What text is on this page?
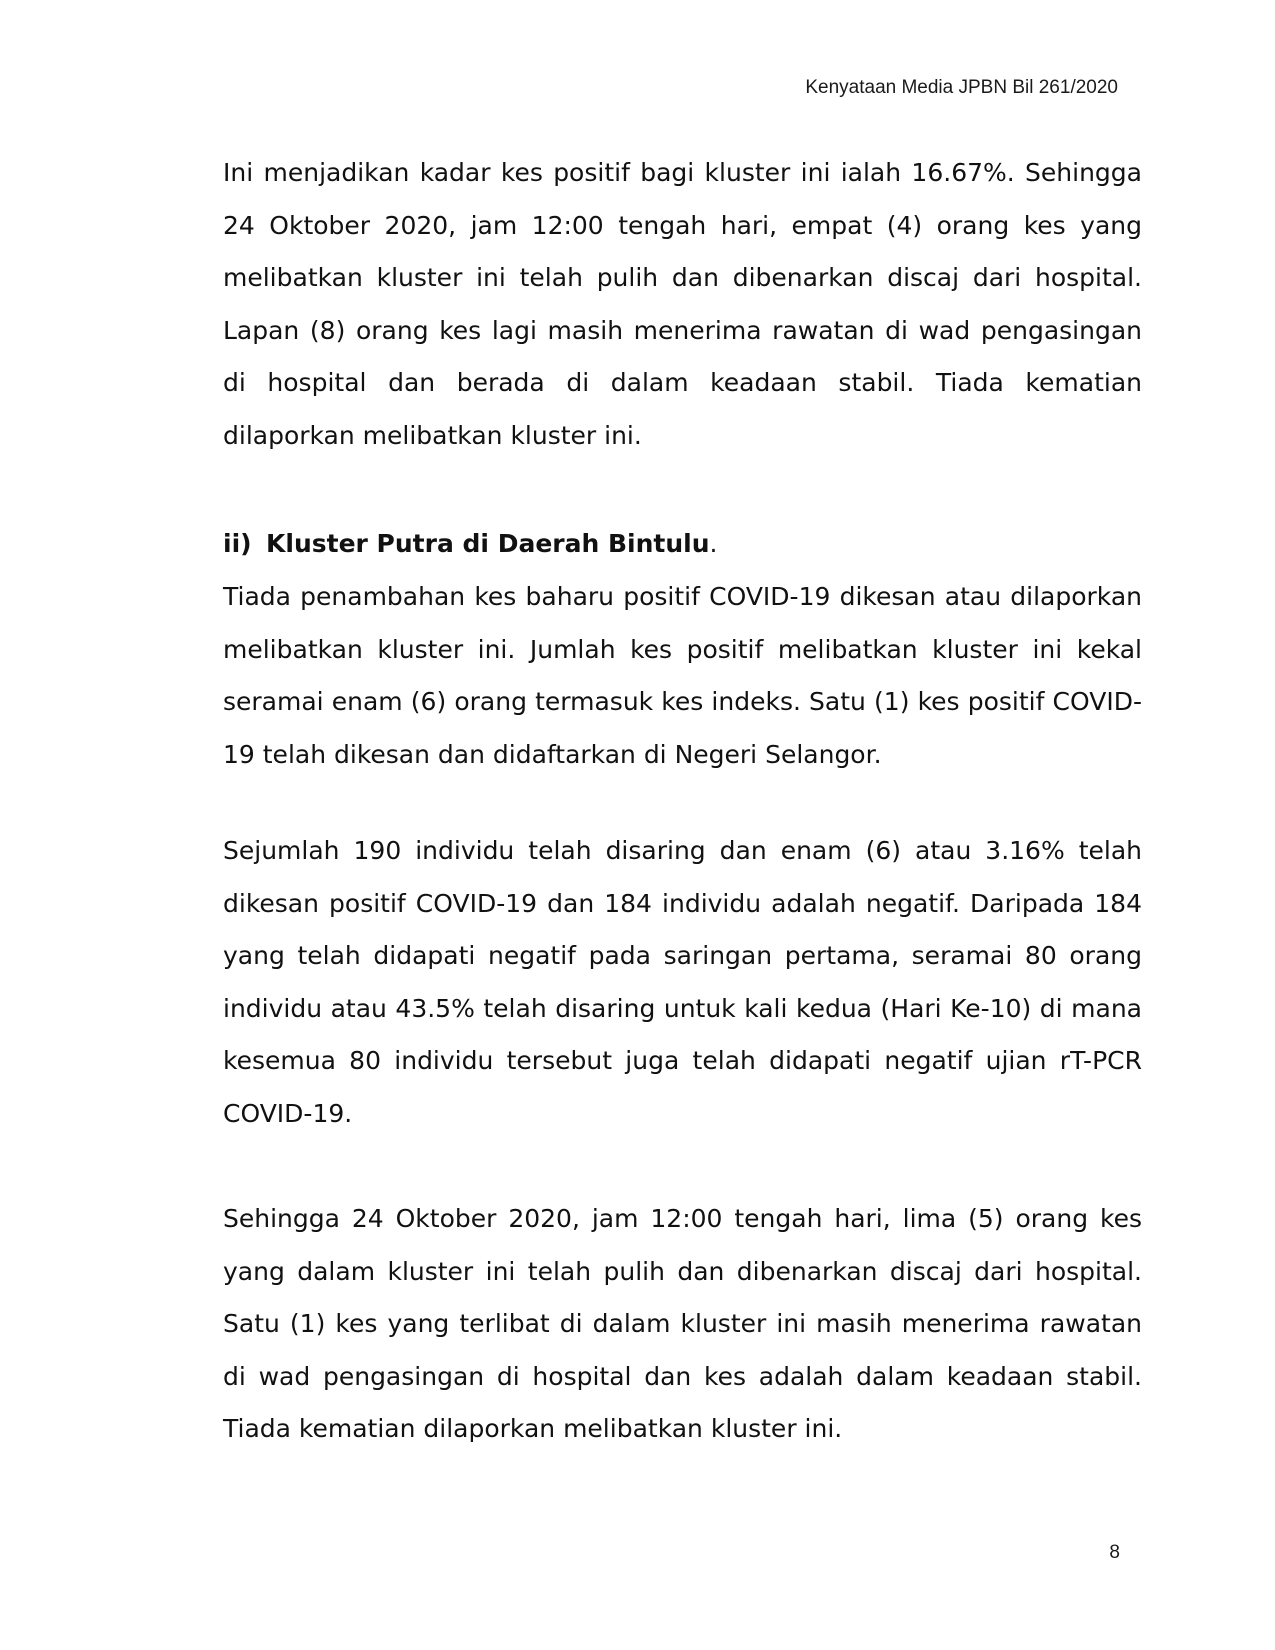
Kenyataan Media JPBN Bil 261/2020

Ini menjadikan kadar kes positif bagi kluster ini ialah 16.67%. Sehingga 24 Oktober 2020, jam 12:00 tengah hari, empat (4) orang kes yang melibatkan kluster ini telah pulih dan dibenarkan discaj dari hospital. Lapan (8) orang kes lagi masih menerima rawatan di wad pengasingan di hospital dan berada di dalam keadaan stabil. Tiada kematian dilaporkan melibatkan kluster ini.

ii) Kluster Putra di Daerah Bintulu.

Tiada penambahan kes baharu positif COVID-19 dikesan atau dilaporkan melibatkan kluster ini. Jumlah kes positif melibatkan kluster ini kekal seramai enam (6) orang termasuk kes indeks. Satu (1) kes positif COVID-19 telah dikesan dan didaftarkan di Negeri Selangor.

Sejumlah 190 individu telah disaring dan enam (6) atau 3.16% telah dikesan positif COVID-19 dan 184 individu adalah negatif. Daripada 184 yang telah didapati negatif pada saringan pertama, seramai 80 orang individu atau 43.5% telah disaring untuk kali kedua (Hari Ke-10) di mana kesemua 80 individu tersebut juga telah didapati negatif ujian rT-PCR COVID-19.

Sehingga 24 Oktober 2020, jam 12:00 tengah hari, lima (5) orang kes yang dalam kluster ini telah pulih dan dibenarkan discaj dari hospital. Satu (1) kes yang terlibat di dalam kluster ini masih menerima rawatan di wad pengasingan di hospital dan kes adalah dalam keadaan stabil. Tiada kematian dilaporkan melibatkan kluster ini.

8
